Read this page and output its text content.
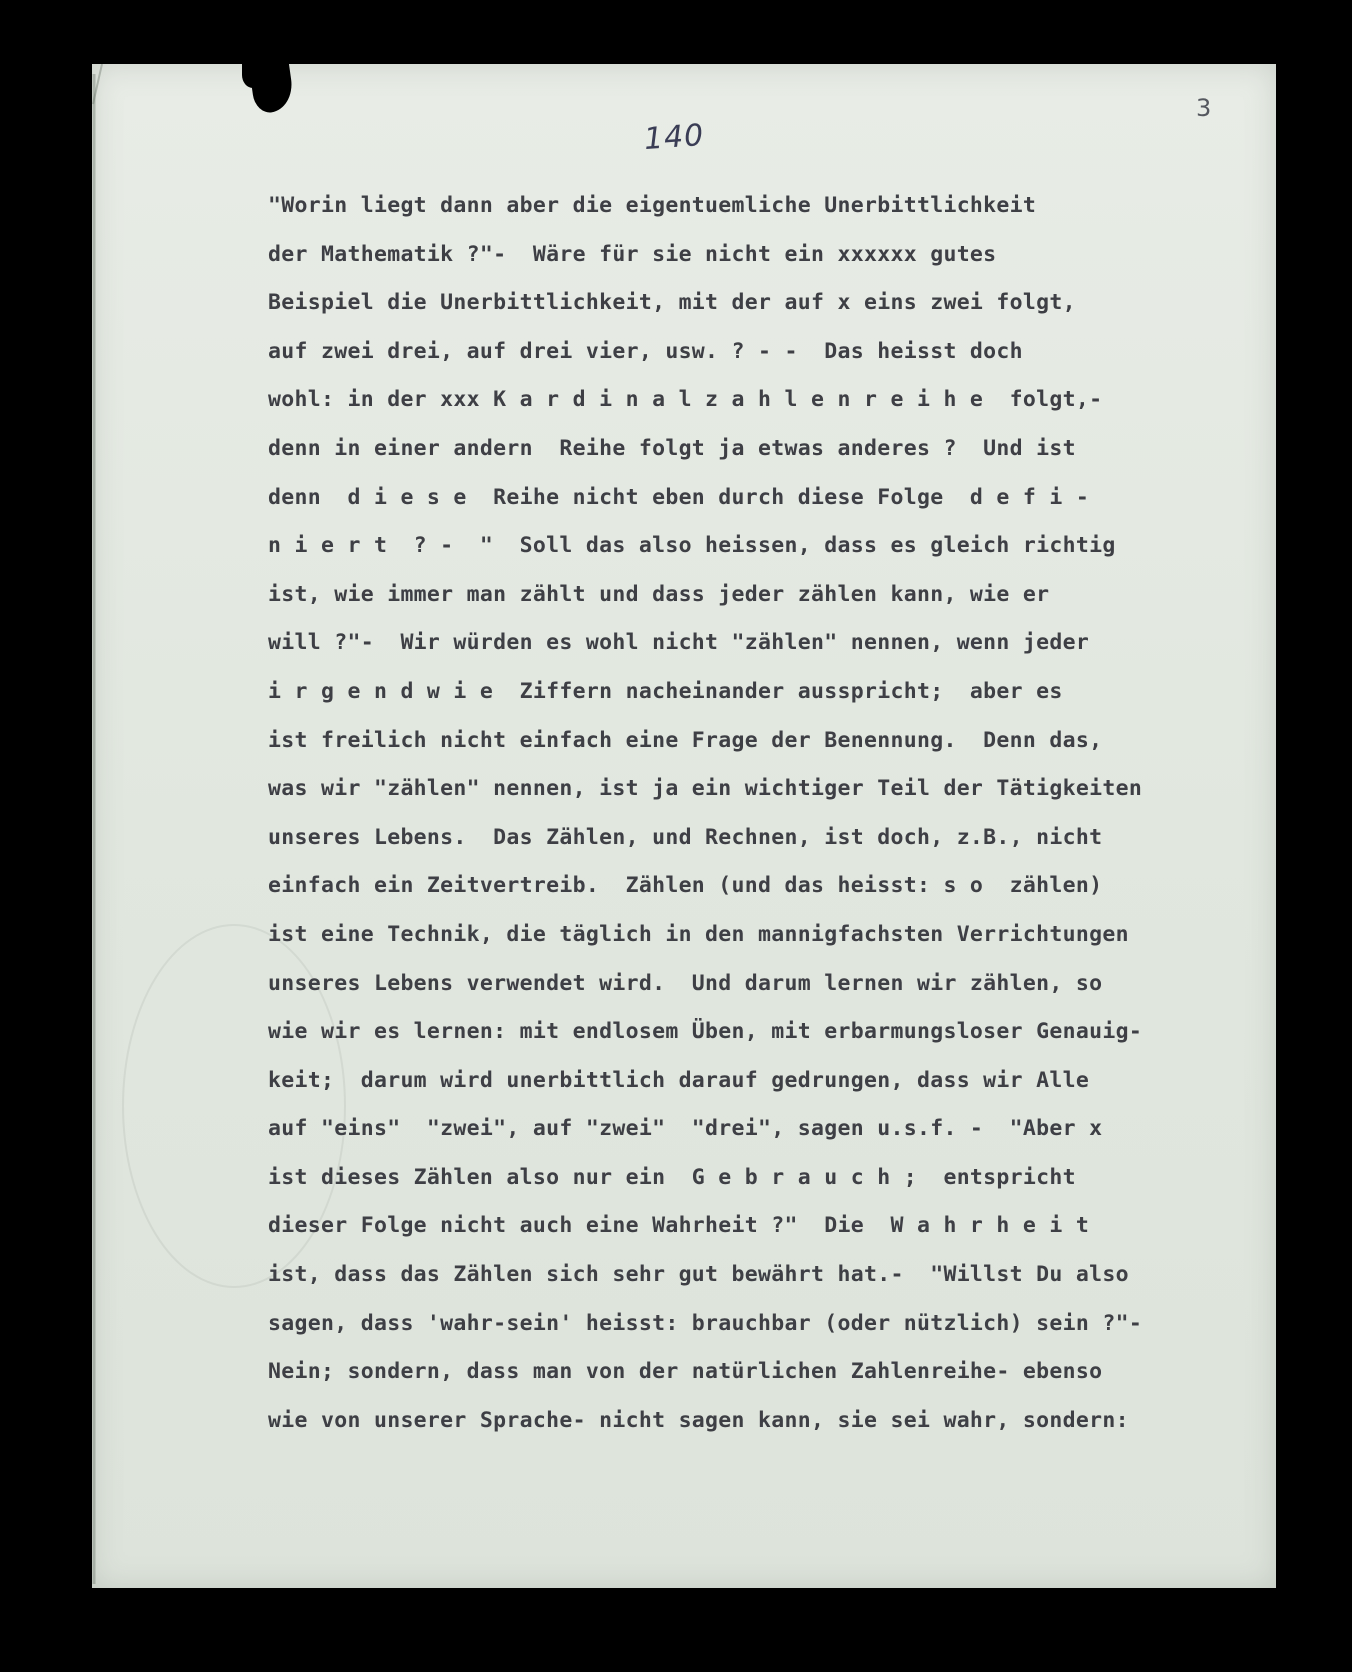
140
3
"Worin liegt dann aber die eigentuemliche Unerbittlichkeit
der Mathematik ?"-  Wäre für sie nicht ein xxxxxx gutes
Beispiel die Unerbittlichkeit, mit der auf x eins zwei folgt,
auf zwei drei, auf drei vier, usw. ? - -  Das heisst doch
wohl: in der xxx K a r d i n a l z a h l e n r e i h e  folgt,-
denn in einer andern  Reihe folgt ja etwas anderes ?  Und ist
denn  d i e s e  Reihe nicht eben durch diese Folge  d e f i -
n i e r t  ? -  "  Soll das also heissen, dass es gleich richtig
ist, wie immer man zählt und dass jeder zählen kann, wie er
will ?"-  Wir würden es wohl nicht "zählen" nennen, wenn jeder
i r g e n d w i e  Ziffern nacheinander ausspricht;  aber es
ist freilich nicht einfach eine Frage der Benennung.  Denn das,
was wir "zählen" nennen, ist ja ein wichtiger Teil der Tätigkeiten
unseres Lebens.  Das Zählen, und Rechnen, ist doch, z.B., nicht
einfach ein Zeitvertreib.  Zählen (und das heisst: s o  zählen)
ist eine Technik, die täglich in den mannigfachsten Verrichtungen
unseres Lebens verwendet wird.  Und darum lernen wir zählen, so
wie wir es lernen: mit endlosem Üben, mit erbarmungsloser Genauig-
keit;  darum wird unerbittlich darauf gedrungen, dass wir Alle
auf "eins"  "zwei", auf "zwei"  "drei", sagen u.s.f. -  "Aber x
ist dieses Zählen also nur ein  G e b r a u c h ;  entspricht
dieser Folge nicht auch eine Wahrheit ?"  Die  W a h r h e i t
ist, dass das Zählen sich sehr gut bewährt hat.-  "Willst Du also
sagen, dass 'wahr-sein' heisst: brauchbar (oder nützlich) sein ?"-
Nein; sondern, dass man von der natürlichen Zahlenreihe- ebenso
wie von unserer Sprache- nicht sagen kann, sie sei wahr, sondern:
